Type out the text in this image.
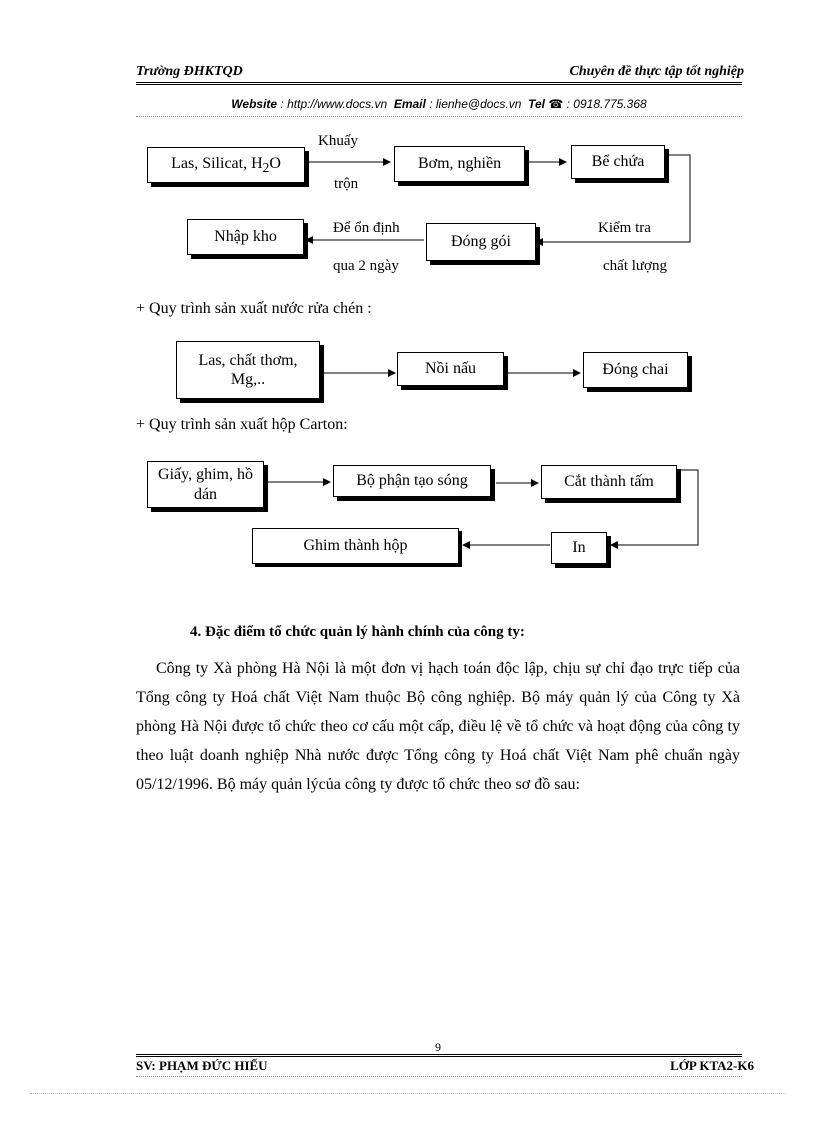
Trường ĐHKTQD	Chuyên đề thực tập tốt nghiệp
Website : http://www.docs.vn Email : lienhe@docs.vn Tel ☎ : 0918.775.368
Las, Silicat, $H_2O$	Bơm, nghiền	Bể chứa
Đóng gói
Nhập kho
Khuấy
trộn
Để ổn định
qua 2 ngày
Kiểm tra
chất lượng
+ Quy trình sản xuất nước rửa chén :
Las, chất thơm, Mg,..
Nồi nấu	Đóng chai
+ Quy trình sản xuất hộp Carton:
Giấy, ghim, hồ dán
Bộ phận tạo sóng	Cắt thành tấm
In
Ghim thành hộp
4. Đặc điểm tổ chức quản lý hành chính của công ty:
Công ty Xà phòng Hà Nội là một đơn vị hạch toán độc lập, chịu sự chỉ đạo trực tiếp của Tổng công ty Hoá chất Việt Nam thuộc Bộ công nghiệp. Bộ máy quản lý của Công ty Xà phòng Hà Nội được tổ chức theo cơ cấu một cấp, điều lệ về tổ chức và hoạt động của công ty theo luật doanh nghiệp Nhà nước được Tổng công ty Hoá chất Việt Nam phê chuẩn ngày 05/12/1996. Bộ máy quản lýcủa công ty được tổ chức theo sơ đồ sau:
9
SV: PHẠM ĐỨC HIẾU	LỚP KTA2-K6
